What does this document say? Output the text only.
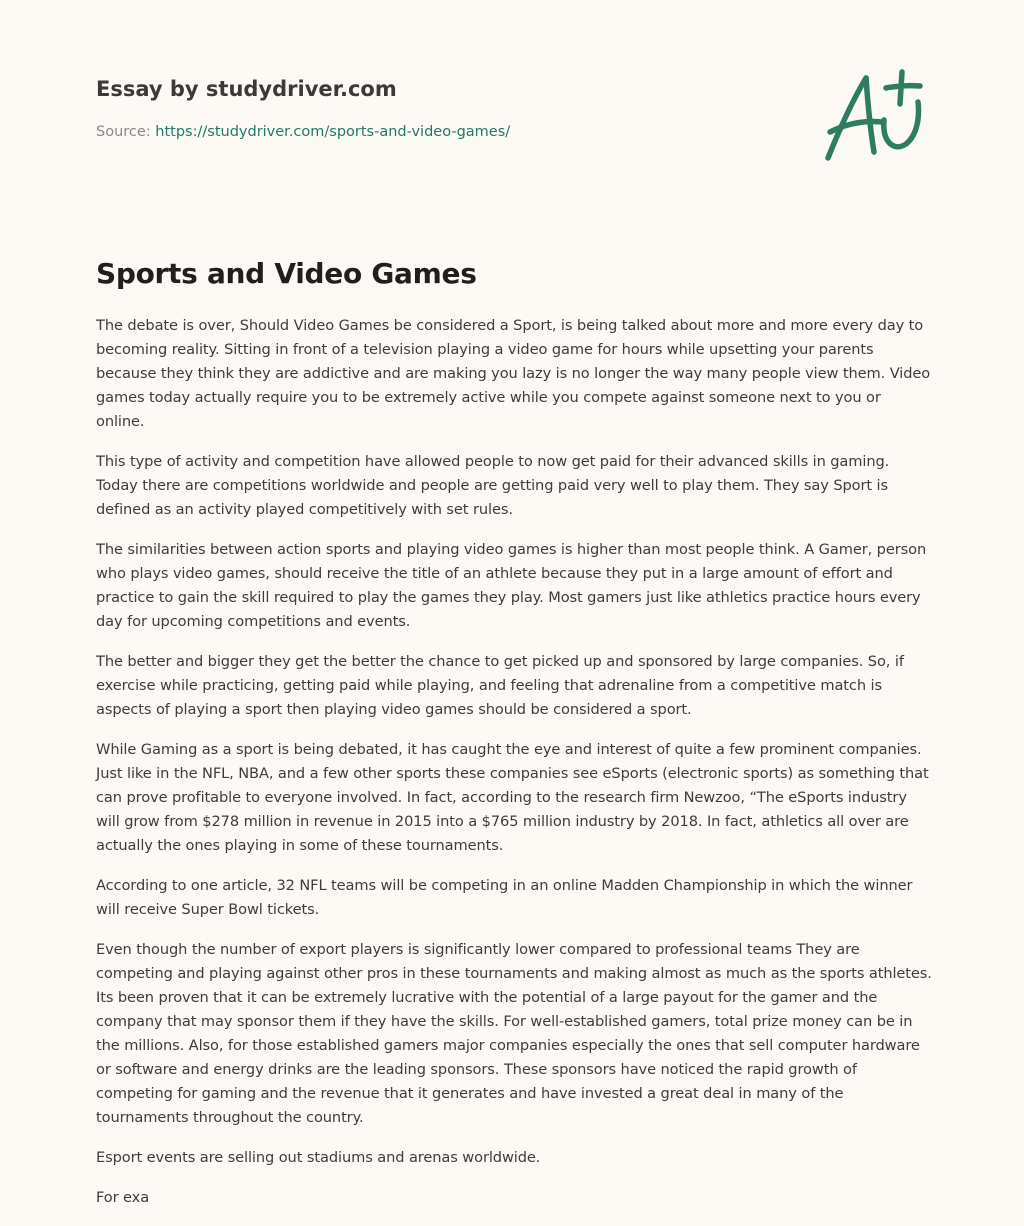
Essay by studydriver.com
Source: https://studydriver.com/sports-and-video-games/
Sports and Video Games

The debate is over, Should Video Games be considered a Sport, is being talked about more and more every day to becoming reality. Sitting in front of a television playing a video game for hours while upsetting your parents because they think they are addictive and are making you lazy is no longer the way many people view them. Video games today actually require you to be extremely active while you compete against someone next to you or online.

This type of activity and competition have allowed people to now get paid for their advanced skills in gaming. Today there are competitions worldwide and people are getting paid very well to play them. They say Sport is defined as an activity played competitively with set rules.

The similarities between action sports and playing video games is higher than most people think. A Gamer, person who plays video games, should receive the title of an athlete because they put in a large amount of effort and practice to gain the skill required to play the games they play. Most gamers just like athletics practice hours every day for upcoming competitions and events.

The better and bigger they get the better the chance to get picked up and sponsored by large companies. So, if exercise while practicing, getting paid while playing, and feeling that adrenaline from a competitive match is aspects of playing a sport then playing video games should be considered a sport.

While Gaming as a sport is being debated, it has caught the eye and interest of quite a few prominent companies. Just like in the NFL, NBA, and a few other sports these companies see eSports (electronic sports) as something that can prove profitable to everyone involved. In fact, according to the research firm Newzoo, “The eSports industry will grow from $278 million in revenue in 2015 into a $765 million industry by 2018. In fact, athletics all over are actually the ones playing in some of these tournaments.

According to one article, 32 NFL teams will be competing in an online Madden Championship in which the winner will receive Super Bowl tickets.

Even though the number of export players is significantly lower compared to professional teams They are competing and playing against other pros in these tournaments and making almost as much as the sports athletes. Its been proven that it can be extremely lucrative with the potential of a large payout for the gamer and the company that may sponsor them if they have the skills. For well-established gamers, total prize money can be in the millions. Also, for those established gamers major companies especially the ones that sell computer hardware or software and energy drinks are the leading sponsors. These sponsors have noticed the rapid growth of competing for gaming and the revenue that it generates and have invested a great deal in many of the tournaments throughout the country.

Esport events are selling out stadiums and arenas worldwide.

For exa
